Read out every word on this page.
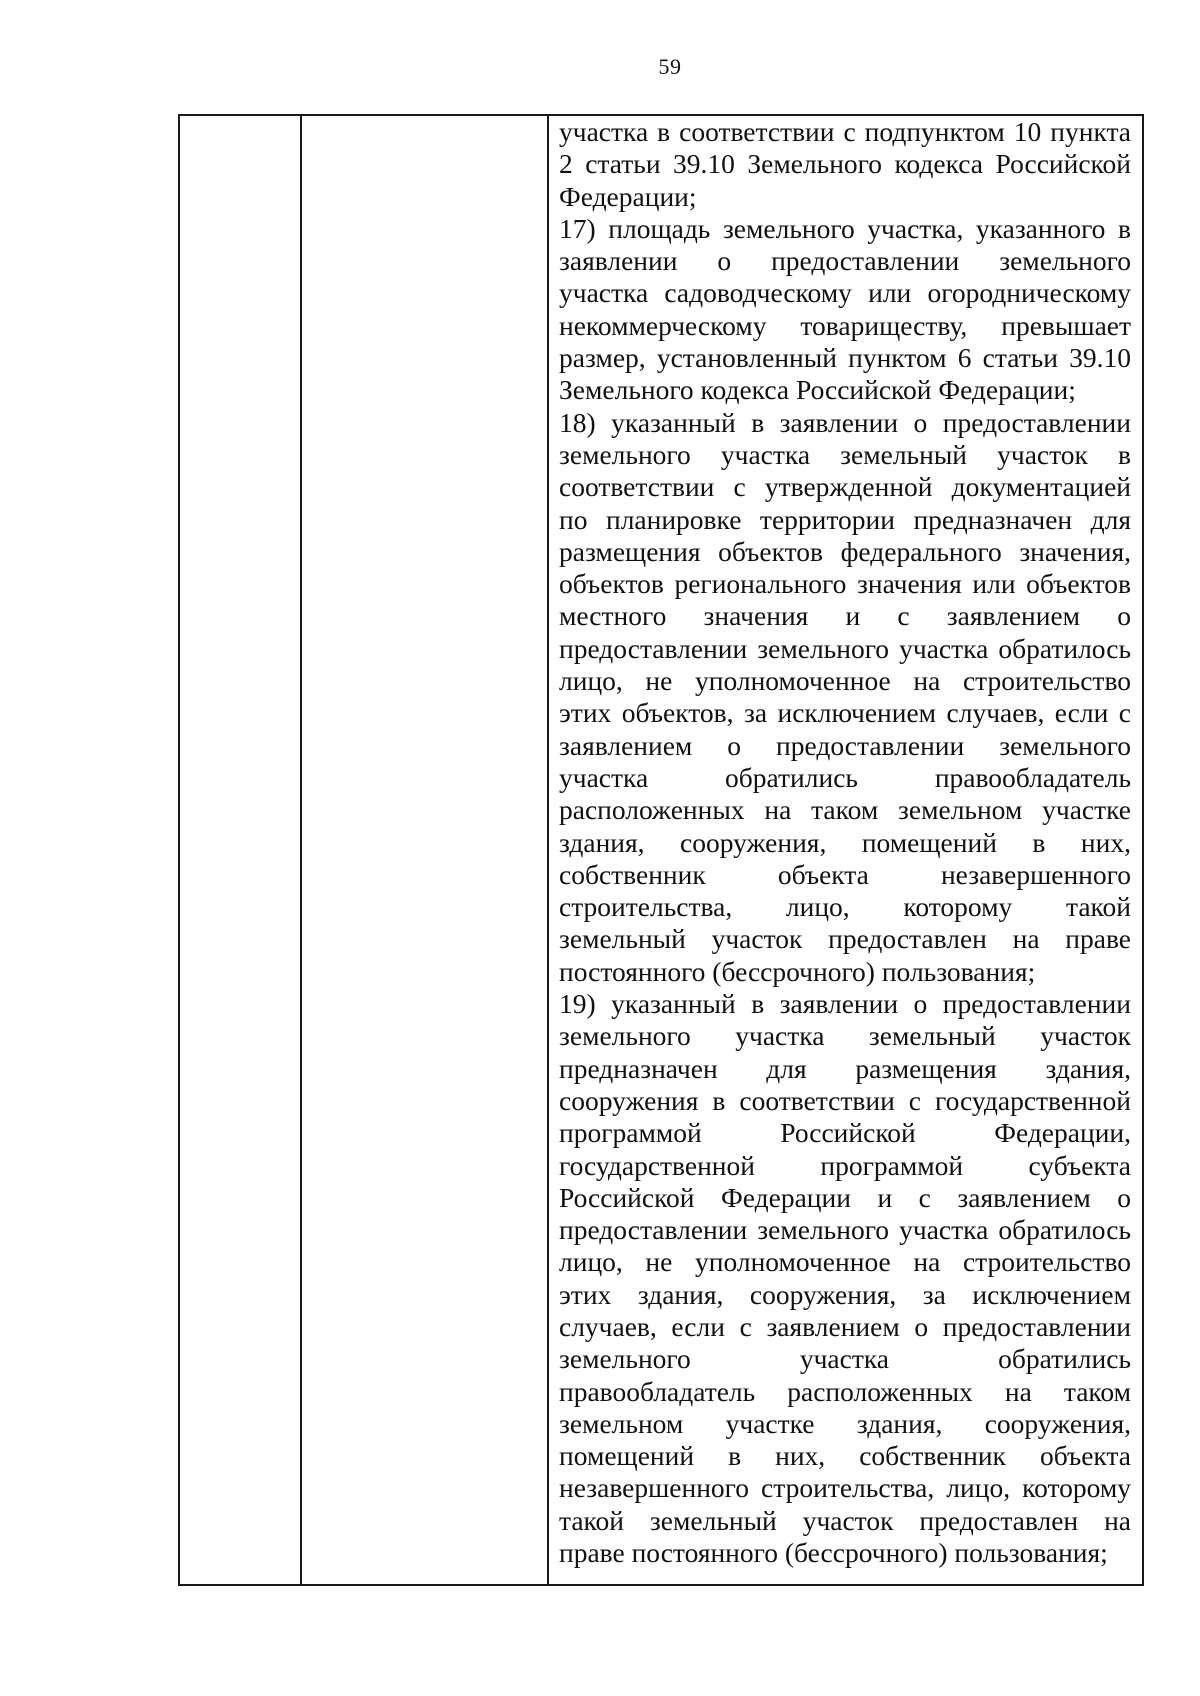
59
участка в соответствии с подпунктом 10 пункта
2 статьи 39.10 Земельного кодекса Российской
Федерации;
17) площадь земельного участка, указанного в
заявлении о предоставлении земельного
участка садоводческому или огородническому
некоммерческому товариществу, превышает
размер, установленный пунктом 6 статьи 39.10
Земельного кодекса Российской Федерации;
18) указанный в заявлении о предоставлении
земельного участка земельный участок в
соответствии с утвержденной документацией
по планировке территории предназначен для
размещения объектов федерального значения,
объектов регионального значения или объектов
местного значения и с заявлением о
предоставлении земельного участка обратилось
лицо, не уполномоченное на строительство
этих объектов, за исключением случаев, если с
заявлением о предоставлении земельного
участка обратились правообладатель
расположенных на таком земельном участке
здания, сооружения, помещений в них,
собственник объекта незавершенного
строительства, лицо, которому такой
земельный участок предоставлен на праве
постоянного (бессрочного) пользования;
19) указанный в заявлении о предоставлении
земельного участка земельный участок
предназначен для размещения здания,
сооружения в соответствии с государственной
программой Российской Федерации,
государственной программой субъекта
Российской Федерации и с заявлением о
предоставлении земельного участка обратилось
лицо, не уполномоченное на строительство
этих здания, сооружения, за исключением
случаев, если с заявлением о предоставлении
земельного участка обратились
правообладатель расположенных на таком
земельном участке здания, сооружения,
помещений в них, собственник объекта
незавершенного строительства, лицо, которому
такой земельный участок предоставлен на
праве постоянного (бессрочного) пользования;
